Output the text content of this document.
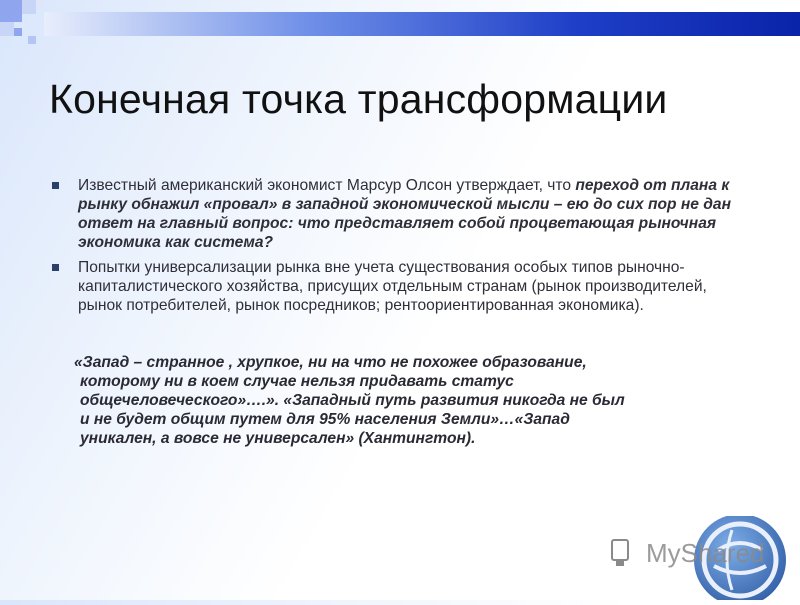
Конечная точка трансформации
Известный американский экономист Марсур Олсон утверждает, что переход от плана к рынку обнажил «провал» в западной экономической мысли – ею до сих пор не дан ответ на главный вопрос: что представляет собой процветающая рыночная экономика как система?
Попытки универсализации рынка вне учета существования особых типов рыночно-капиталистического хозяйства, присущих отдельным странам (рынок производителей, рынок потребителей, рынок посредников; рентоориентированная экономика).
«Запад – странное , хрупкое, ни на что не похожее образование,
которому ни в коем случае нельзя придавать статус
общечеловеческого»….». «Западный путь развития никогда не был
и не будет общим путем для 95% населения Земли»…«Запад
уникален, а вовсе не универсален» (Хантингтон).
MyShared
